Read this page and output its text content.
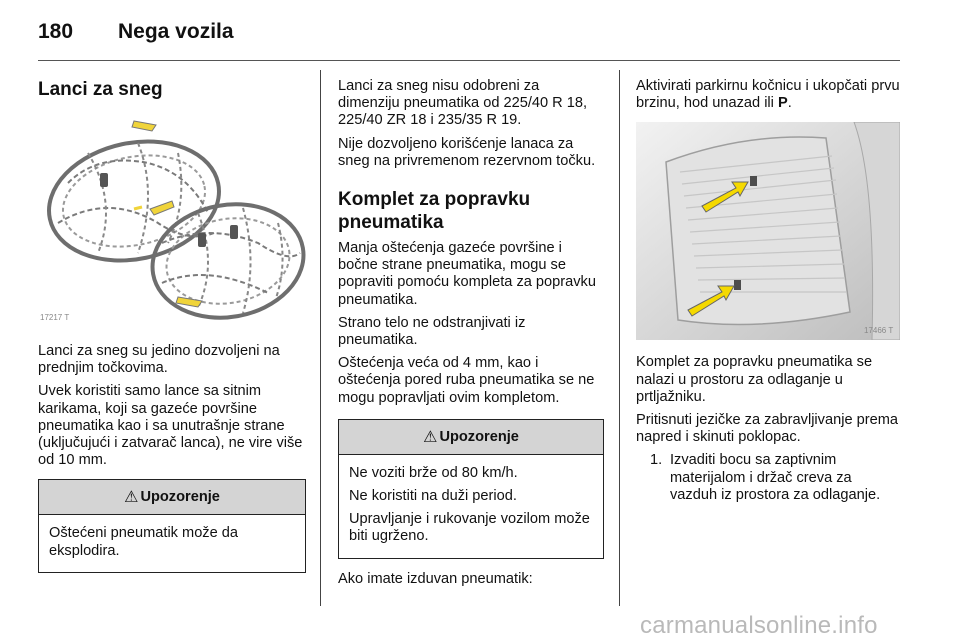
180 Nega vozila
Lanci za sneg
17217 T

Lanci za sneg su jedino dozvoljeni na prednjim točkovima.

Uvek koristiti samo lance sa sitnim karikama, koji sa gazeće površine pneumatika kao i sa unutrašnje strane (uključujući i zatvarač lanca), ne vire više od 10 mm.

⚠ Upozorenje

Oštećeni pneumatik može da eksplodira.

Lanci za sneg nisu odobreni za dimenziju pneumatika od 225/40 R 18, 225/40 ZR 18 i 235/35 R 19.

Nije dozvoljeno korišćenje lanaca za sneg na privremenom rezervnom točku.

Komplet za popravku pneumatika

Manja oštećenja gazeće površine i bočne strane pneumatika, mogu se popraviti pomoću kompleta za popravku pneumatika.

Strano telo ne odstranjivati iz pneumatika.

Oštećenja veća od 4 mm, kao i oštećenja pored ruba pneumatika se ne mogu popravljati ovim kompletom.

⚠ Upozorenje

Ne voziti brže od 80 km/h.

Ne koristiti na duži period.

Upravljanje i rukovanje vozilom može biti ugrženo.

Ako imate izduvan pneumatik:

Aktivirati parkirnu kočnicu i ukopčati prvu brzinu, hod unazad ili P.

17466 T

Komplet za popravku pneumatika se nalazi u prostoru za odlaganje u prtljažniku.

Pritisnuti jezičke za zabravljivanje prema napred i skinuti poklopac.

1. Izvaditi bocu sa zaptivnim materijalom i držač creva za vazduh iz prostora za odlaganje.
carmanualsonline.info
